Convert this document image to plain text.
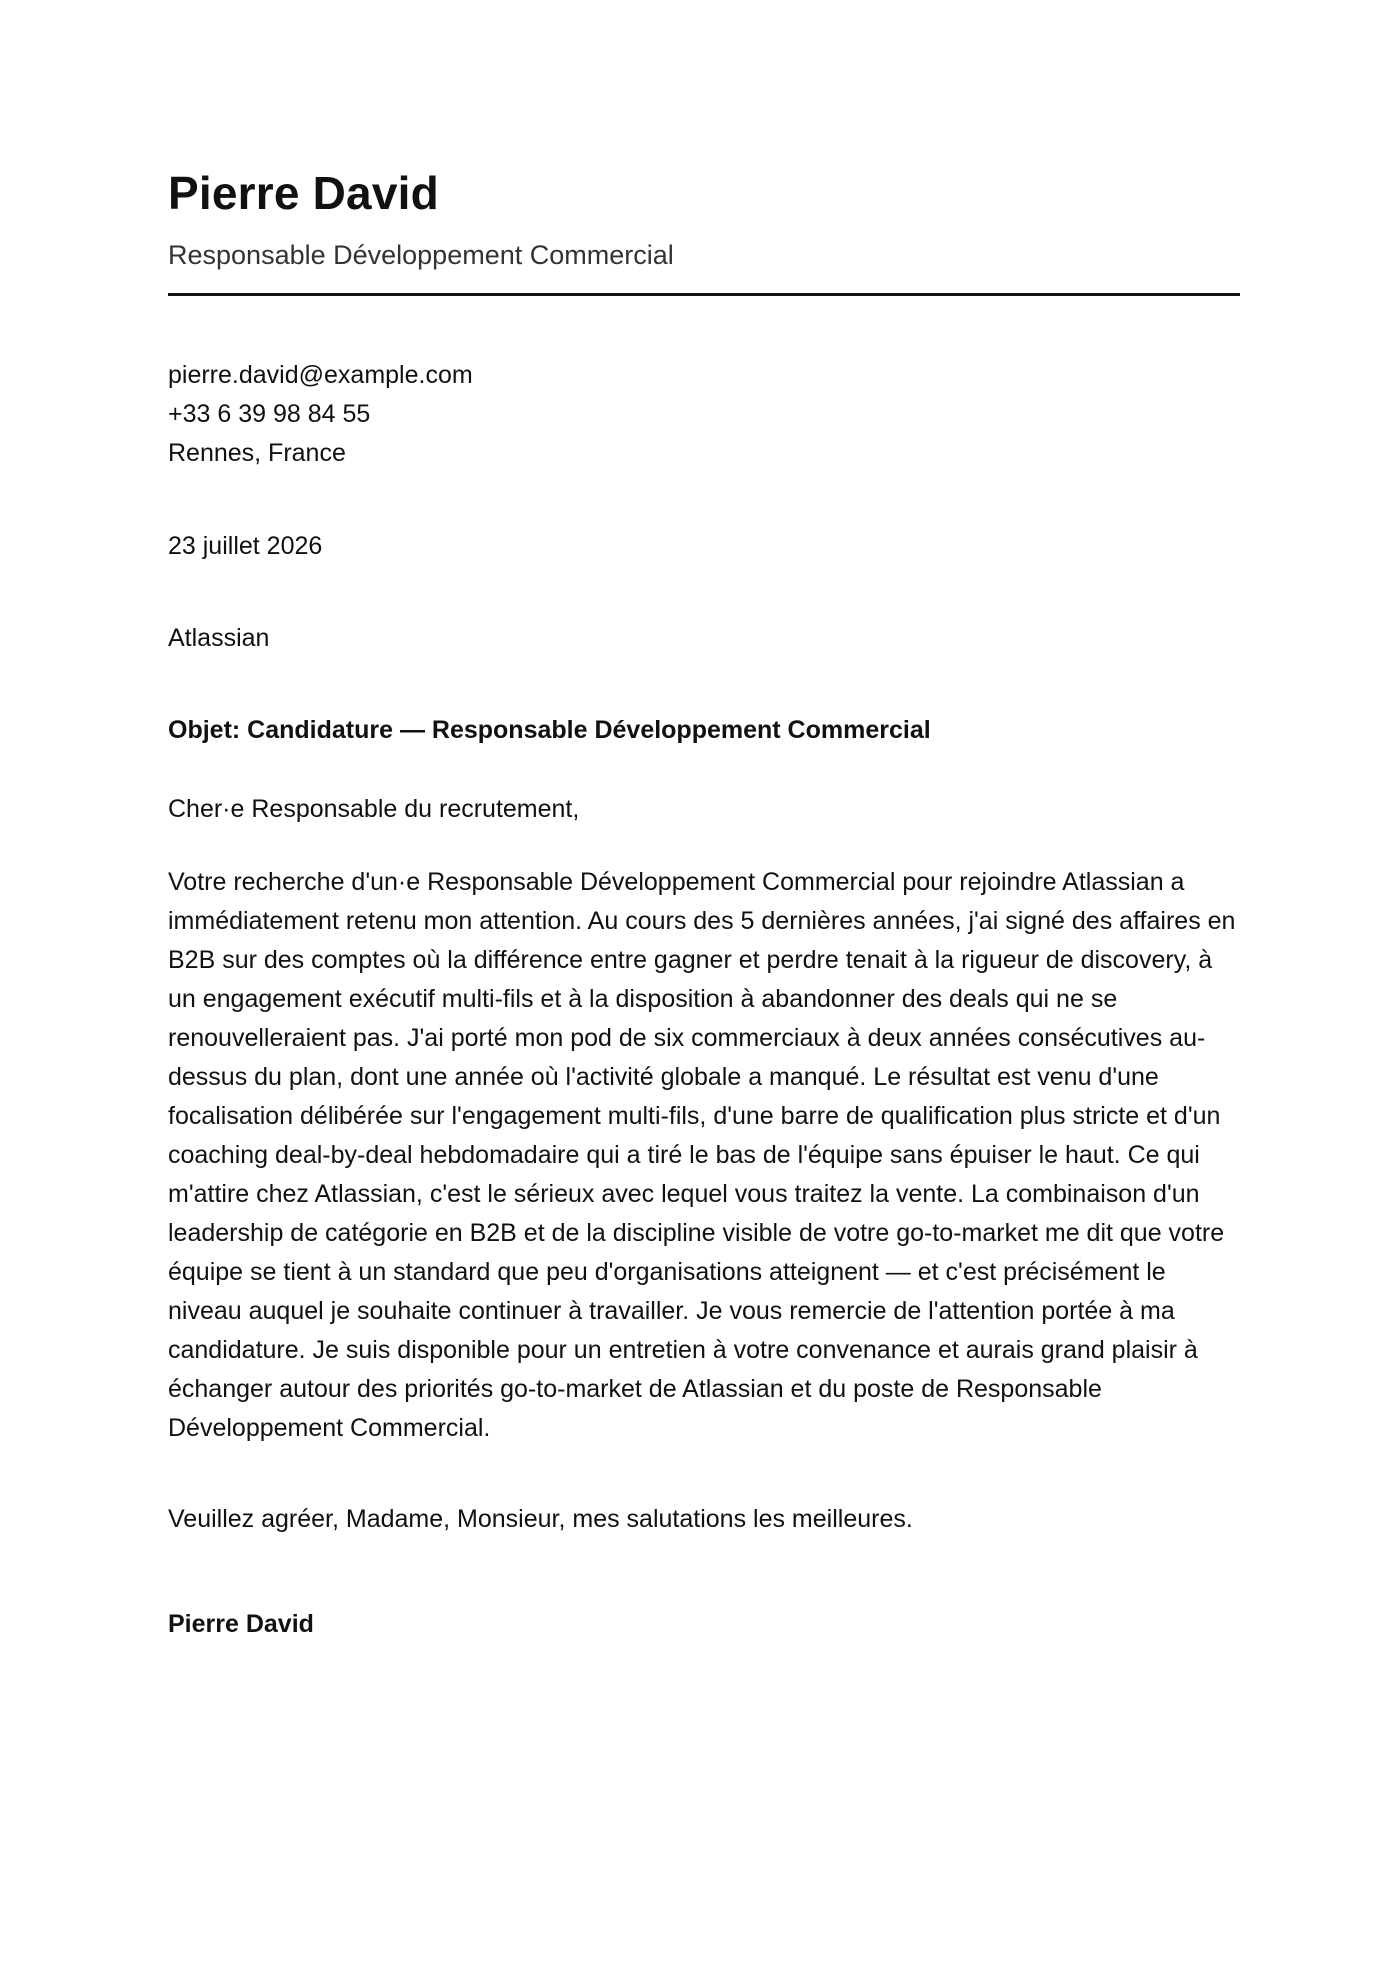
Pierre David
Responsable Développement Commercial
pierre.david@example.com
+33 6 39 98 84 55
Rennes, France
23 juillet 2026
Atlassian
Objet: Candidature — Responsable Développement Commercial
Cher·e Responsable du recrutement,
Votre recherche d'un·e Responsable Développement Commercial pour rejoindre Atlassian a immédiatement retenu mon attention. Au cours des 5 dernières années, j'ai signé des affaires en B2B sur des comptes où la différence entre gagner et perdre tenait à la rigueur de discovery, à un engagement exécutif multi-fils et à la disposition à abandonner des deals qui ne se renouvelleraient pas. J'ai porté mon pod de six commerciaux à deux années consécutives au-dessus du plan, dont une année où l'activité globale a manqué. Le résultat est venu d'une focalisation délibérée sur l'engagement multi-fils, d'une barre de qualification plus stricte et d'un coaching deal-by-deal hebdomadaire qui a tiré le bas de l'équipe sans épuiser le haut. Ce qui m'attire chez Atlassian, c'est le sérieux avec lequel vous traitez la vente. La combinaison d'un leadership de catégorie en B2B et de la discipline visible de votre go-to-market me dit que votre équipe se tient à un standard que peu d'organisations atteignent — et c'est précisément le niveau auquel je souhaite continuer à travailler. Je vous remercie de l'attention portée à ma candidature. Je suis disponible pour un entretien à votre convenance et aurais grand plaisir à échanger autour des priorités go-to-market de Atlassian et du poste de Responsable Développement Commercial.
Veuillez agréer, Madame, Monsieur, mes salutations les meilleures.
Pierre David
